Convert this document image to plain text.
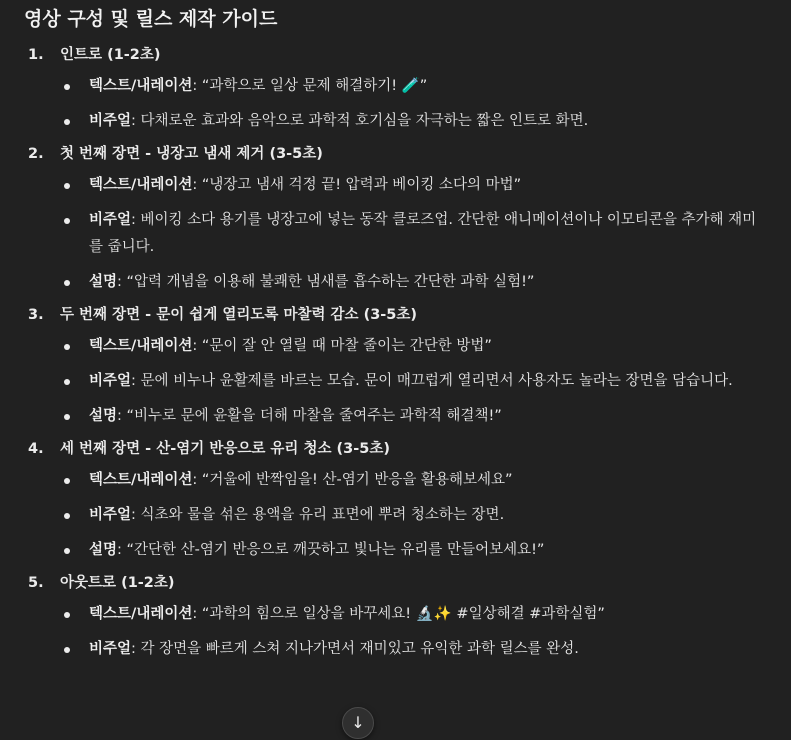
영상 구성 및 릴스 제작 가이드
1.	인트로 (1-2초)
텍스트/내레이션: “과학으로 일상 문제 해결하기! 🧪”
비주얼: 다채로운 효과와 음악으로 과학적 호기심을 자극하는 짧은 인트로 화면.
2.	첫 번째 장면 - 냉장고 냄새 제거 (3-5초)
텍스트/내레이션: “냉장고 냄새 걱정 끝! 압력과 베이킹 소다의 마법”
비주얼: 베이킹 소다 용기를 냉장고에 넣는 동작 클로즈업. 간단한 애니메이션이나 이모티콘을 추가해 재미를 줍니다.
설명: “압력 개념을 이용해 불쾌한 냄새를 흡수하는 간단한 과학 실험!”
3.	두 번째 장면 - 문이 쉽게 열리도록 마찰력 감소 (3-5초)
텍스트/내레이션: “문이 잘 안 열릴 때 마찰 줄이는 간단한 방법”
비주얼: 문에 비누나 윤활제를 바르는 모습. 문이 매끄럽게 열리면서 사용자도 놀라는 장면을 담습니다.
설명: “비누로 문에 윤활을 더해 마찰을 줄여주는 과학적 해결책!”
4.	세 번째 장면 - 산-염기 반응으로 유리 청소 (3-5초)
텍스트/내레이션: “거울에 반짝임을! 산-염기 반응을 활용해보세요”
비주얼: 식초와 물을 섞은 용액을 유리 표면에 뿌려 청소하는 장면.
설명: “간단한 산-염기 반응으로 깨끗하고 빛나는 유리를 만들어보세요!”
5.	아웃트로 (1-2초)
텍스트/내레이션: “과학의 힘으로 일상을 바꾸세요! 🔬✨ #일상해결 #과학실험”
비주얼: 각 장면을 빠르게 스쳐 지나가면서 재미있고 유익한 과학 릴스를 완성.
↓
